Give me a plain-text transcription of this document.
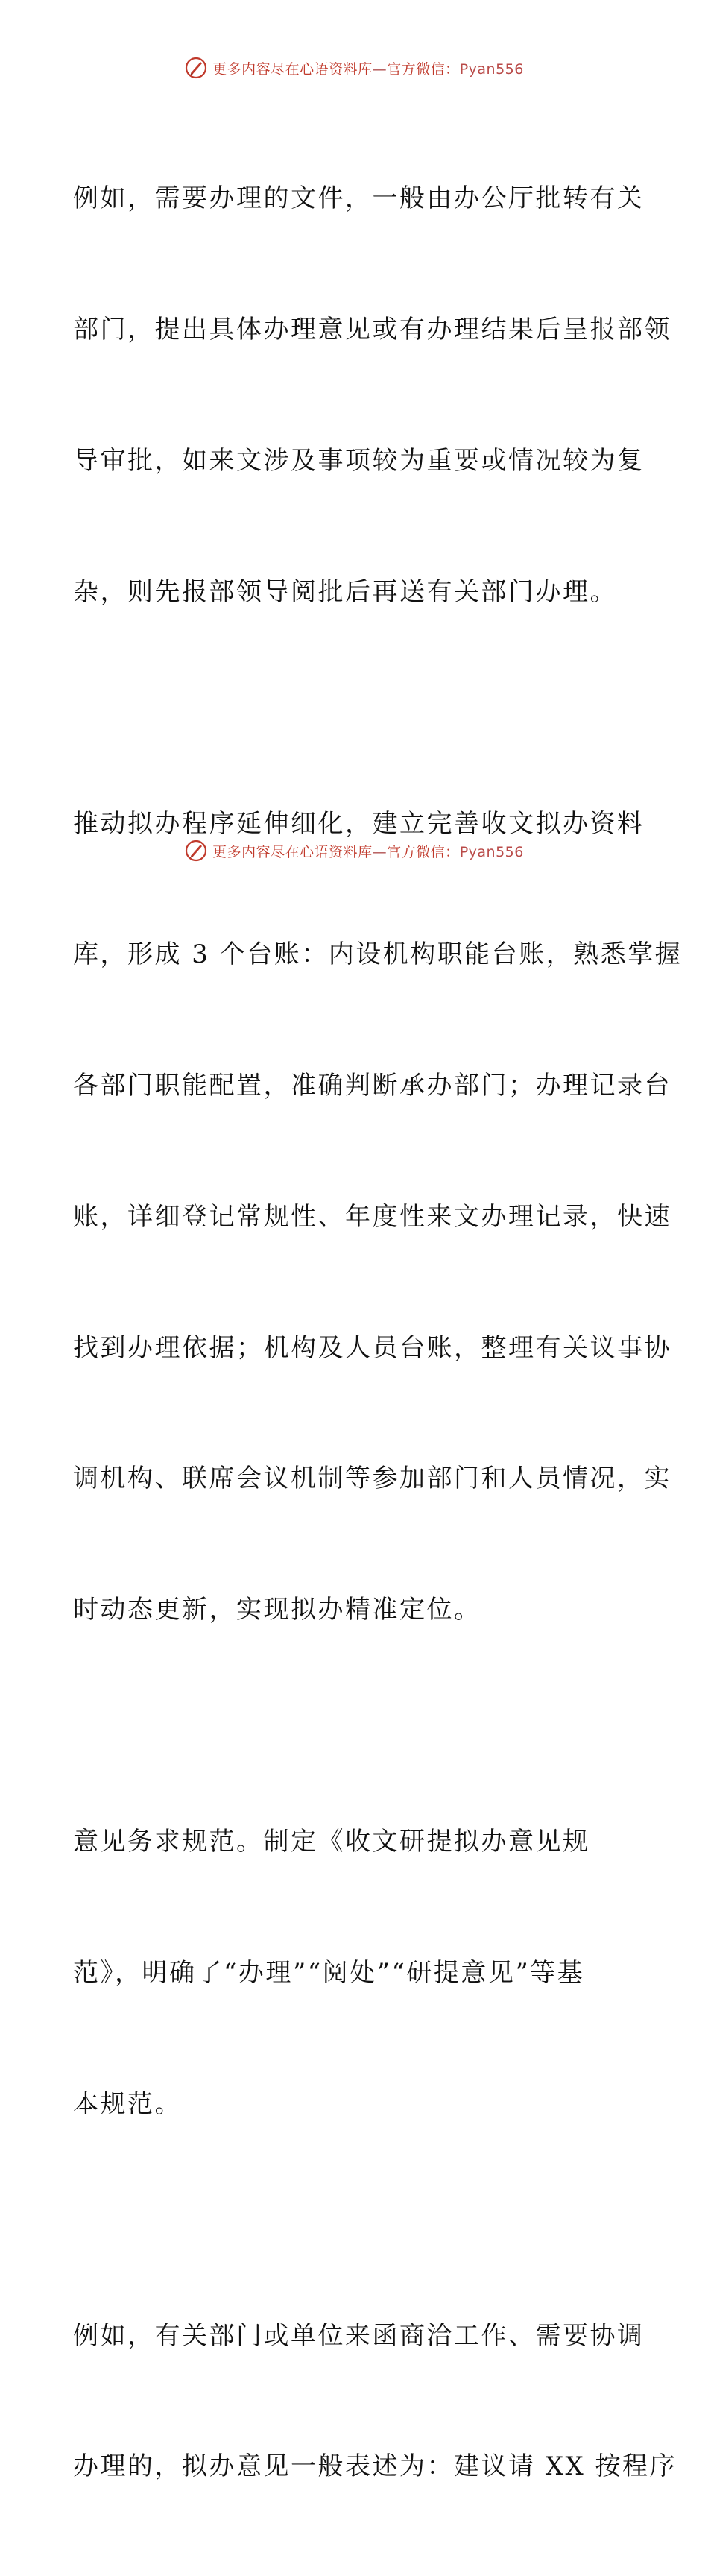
更多内容尽在心语资料库—官方微信：Pyan556

例如，需要办理的文件，一般由办公厅批转有关

部门，提出具体办理意见或有办理结果后呈报部领

导审批，如来文涉及事项较为重要或情况较为复

杂，则先报部领导阅批后再送有关部门办理。

推动拟办程序延伸细化，建立完善收文拟办资料

库，形成 3 个台账：内设机构职能台账，熟悉掌握

各部门职能配置，准确判断承办部门；办理记录台

账，详细登记常规性、年度性来文办理记录，快速

找到办理依据；机构及人员台账，整理有关议事协

调机构、联席会议机制等参加部门和人员情况，实

时动态更新，实现拟办精准定位。

意见务求规范。制定《收文研提拟办意见规

范》，明确了“办理”“阅处”“研提意见”等基

本规范。

例如，有关部门或单位来函商洽工作、需要协调

办理的，拟办意见一般表述为：建议请 XX 按程序

更多内容尽在心语资料库—官方微信：Pyan556
